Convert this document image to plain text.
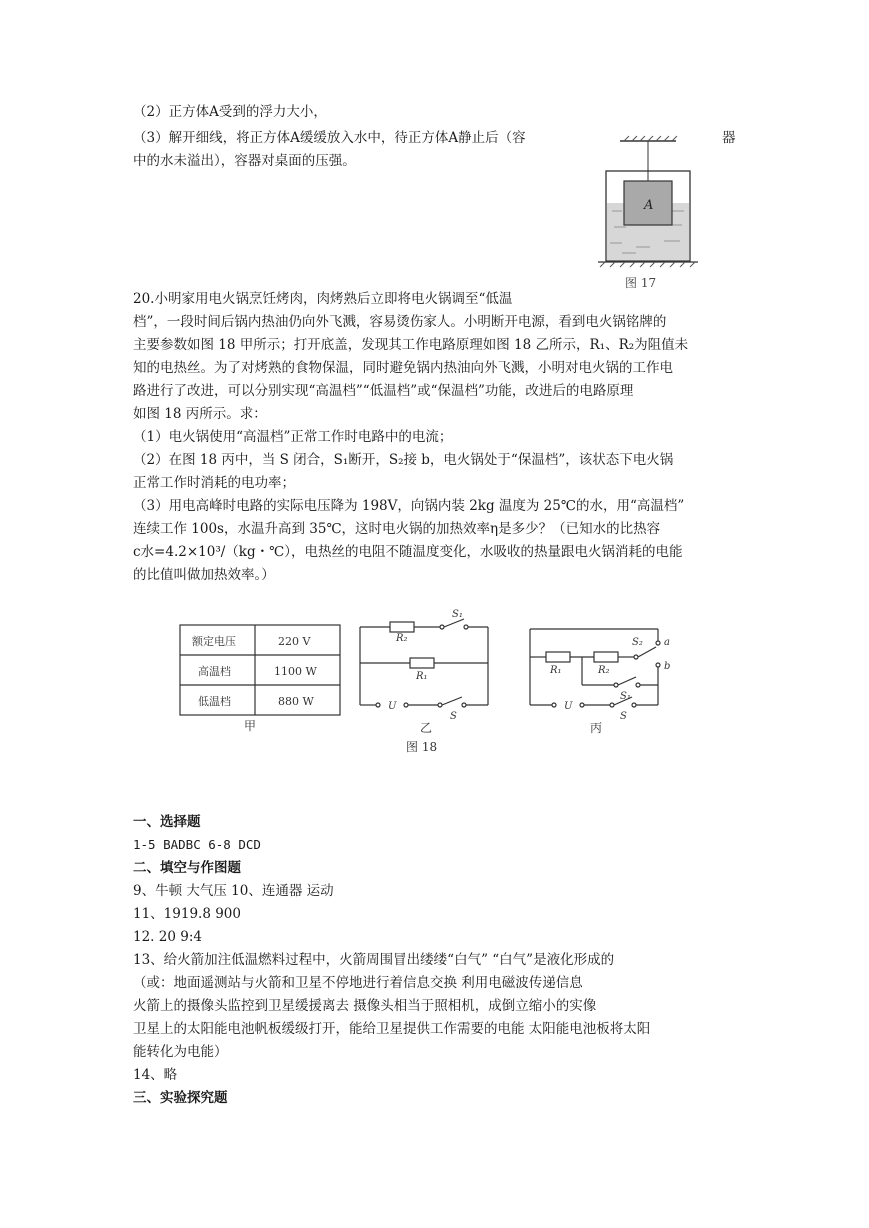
（2）正方体A受到的浮力大小，
（3）解开细线，将正方体A缓缓放入水中，待正方体A静止后（容	器
中的水未溢出），容器对桌面的压强。
A
图 17
20.小明家用电火锅烹饪烤肉，肉烤熟后立即将电火锅调至“低温
档”，一段时间后锅内热油仍向外飞溅，容易烫伤家人。小明断开电源，看到电火锅铭牌的
主要参数如图 18 甲所示；打开底盖，发现其工作电路原理如图 18 乙所示，R₁、R₂为阻值未
知的电热丝。为了对烤熟的食物保温，同时避免锅内热油向外飞溅，小明对电火锅的工作电
路进行了改进，可以分别实现“高温档”“低温档”或“保温档”功能，改进后的电路原理
如图 18 丙所示。求：
（1）电火锅使用“高温档”正常工作时电路中的电流；
（2）在图 18 丙中，当 S 闭合，S₁断开，S₂接 b，电火锅处于“保温档”，该状态下电火锅
正常工作时消耗的电功率；
（3）用电高峰时电路的实际电压降为 198V，向锅内装 2kg 温度为 25℃的水，用“高温档”
连续工作 100s，水温升高到 35℃，这时电火锅的加热效率η是多少？（已知水的比热容
c水=4.2×10³/（kg・℃），电热丝的电阻不随温度变化，水吸收的热量跟电火锅消耗的电能
的比值叫做加热效率。）
额定电压	220 V
高温档	1100 W
低温档	880 W
甲
R₂
S₁
R₁
U
S
乙
R₁	R₂
S₂ a
b
S₁
U
S
丙
图 18
一、选择题
1-5 BADBC 6-8 DCD
二、填空与作图题
9、牛顿 大气压 10、连通器 运动
11、1919.8 900
12. 20 9:4
13、给火箭加注低温燃料过程中，火箭周围冒出缕缕“白气” “白气”是液化形成的
（或：地面遥测站与火箭和卫星不停地进行着信息交换 利用电磁波传递信息
火箭上的摄像头监控到卫星缓援离去 摄像头相当于照相机，成倒立缩小的实像
卫星上的太阳能电池帆板缓级打开，能给卫星提供工作需要的电能 太阳能电池板将太阳
能转化为电能）
14、略
三、实验探究题
